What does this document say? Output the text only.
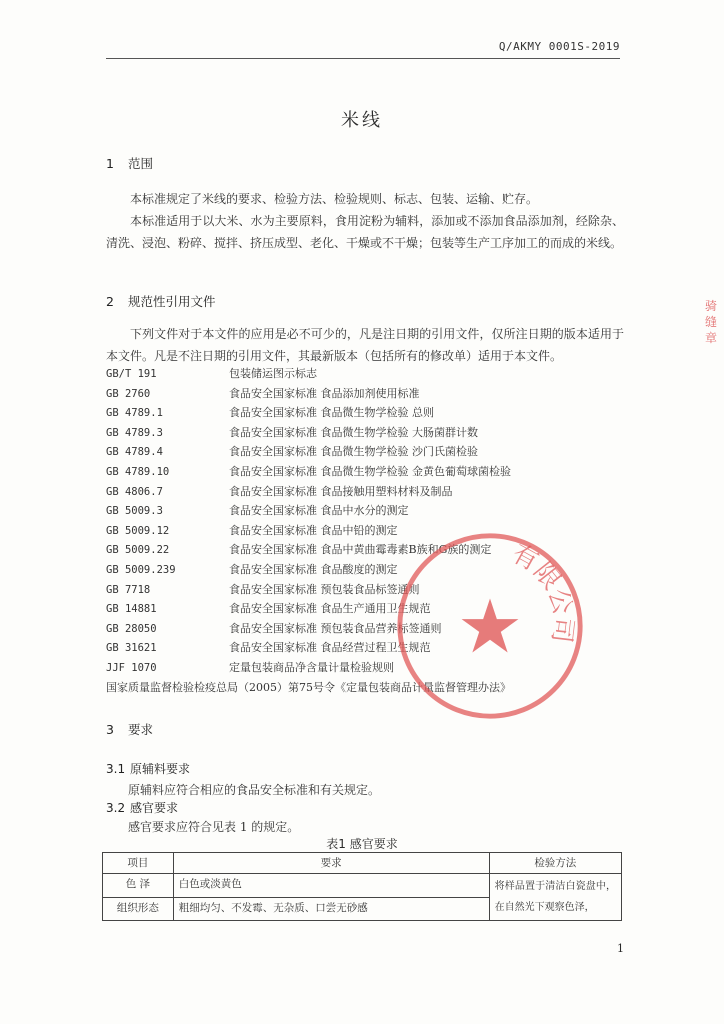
Q/AKMY 0001S-2019
米线
1 范围
本标准规定了米线的要求、检验方法、检验规则、标志、包装、运输、贮存。
本标准适用于以大米、水为主要原料，食用淀粉为辅料，添加或不添加食品添加剂，经除杂、清洗、浸泡、粉碎、搅拌、挤压成型、老化、干燥或不干燥；包装等生产工序加工的而成的米线。
2 规范性引用文件
下列文件对于本文件的应用是必不可少的，凡是注日期的引用文件，仅所注日期的版本适用于本文件。凡是不注日期的引用文件，其最新版本（包括所有的修改单）适用于本文件。
GB/T 191	包装储运图示标志
GB 2760	食品安全国家标准 食品添加剂使用标准
GB 4789.1	食品安全国家标准 食品微生物学检验 总则
GB 4789.3	食品安全国家标准 食品微生物学检验 大肠菌群计数
GB 4789.4	食品安全国家标准 食品微生物学检验 沙门氏菌检验
GB 4789.10	食品安全国家标准 食品微生物学检验 金黄色葡萄球菌检验
GB 4806.7	食品安全国家标准 食品接触用塑料材料及制品
GB 5009.3	食品安全国家标准 食品中水分的测定
GB 5009.12	食品安全国家标准 食品中铅的测定
GB 5009.22	食品安全国家标准 食品中黄曲霉毒素B族和G族的测定
GB 5009.239	食品安全国家标准 食品酸度的测定
GB 7718	食品安全国家标准 预包装食品标签通则
GB 14881	食品安全国家标准 食品生产通用卫生规范
GB 28050	食品安全国家标准 预包装食品营养标签通则
GB 31621	食品安全国家标准 食品经营过程卫生规范
JJF 1070	定量包装商品净含量计量检验规则
国家质量监督检验检疫总局（2005）第75号令《定量包装商品计量监督管理办法》
3 要求
3.1 原辅料要求
原辅料应符合相应的食品安全标准和有关规定。
3.2 感官要求
感官要求应符合见表 1 的规定。
表1 感官要求
项目	要求	检验方法
色 泽	白色或淡黄色	将样品置于清洁白瓷盘中，在自然光下观察色泽，
组织形态	粗细均匀、不发霉、无杂质、口尝无砂感	
有限公司
骑缝章
1
